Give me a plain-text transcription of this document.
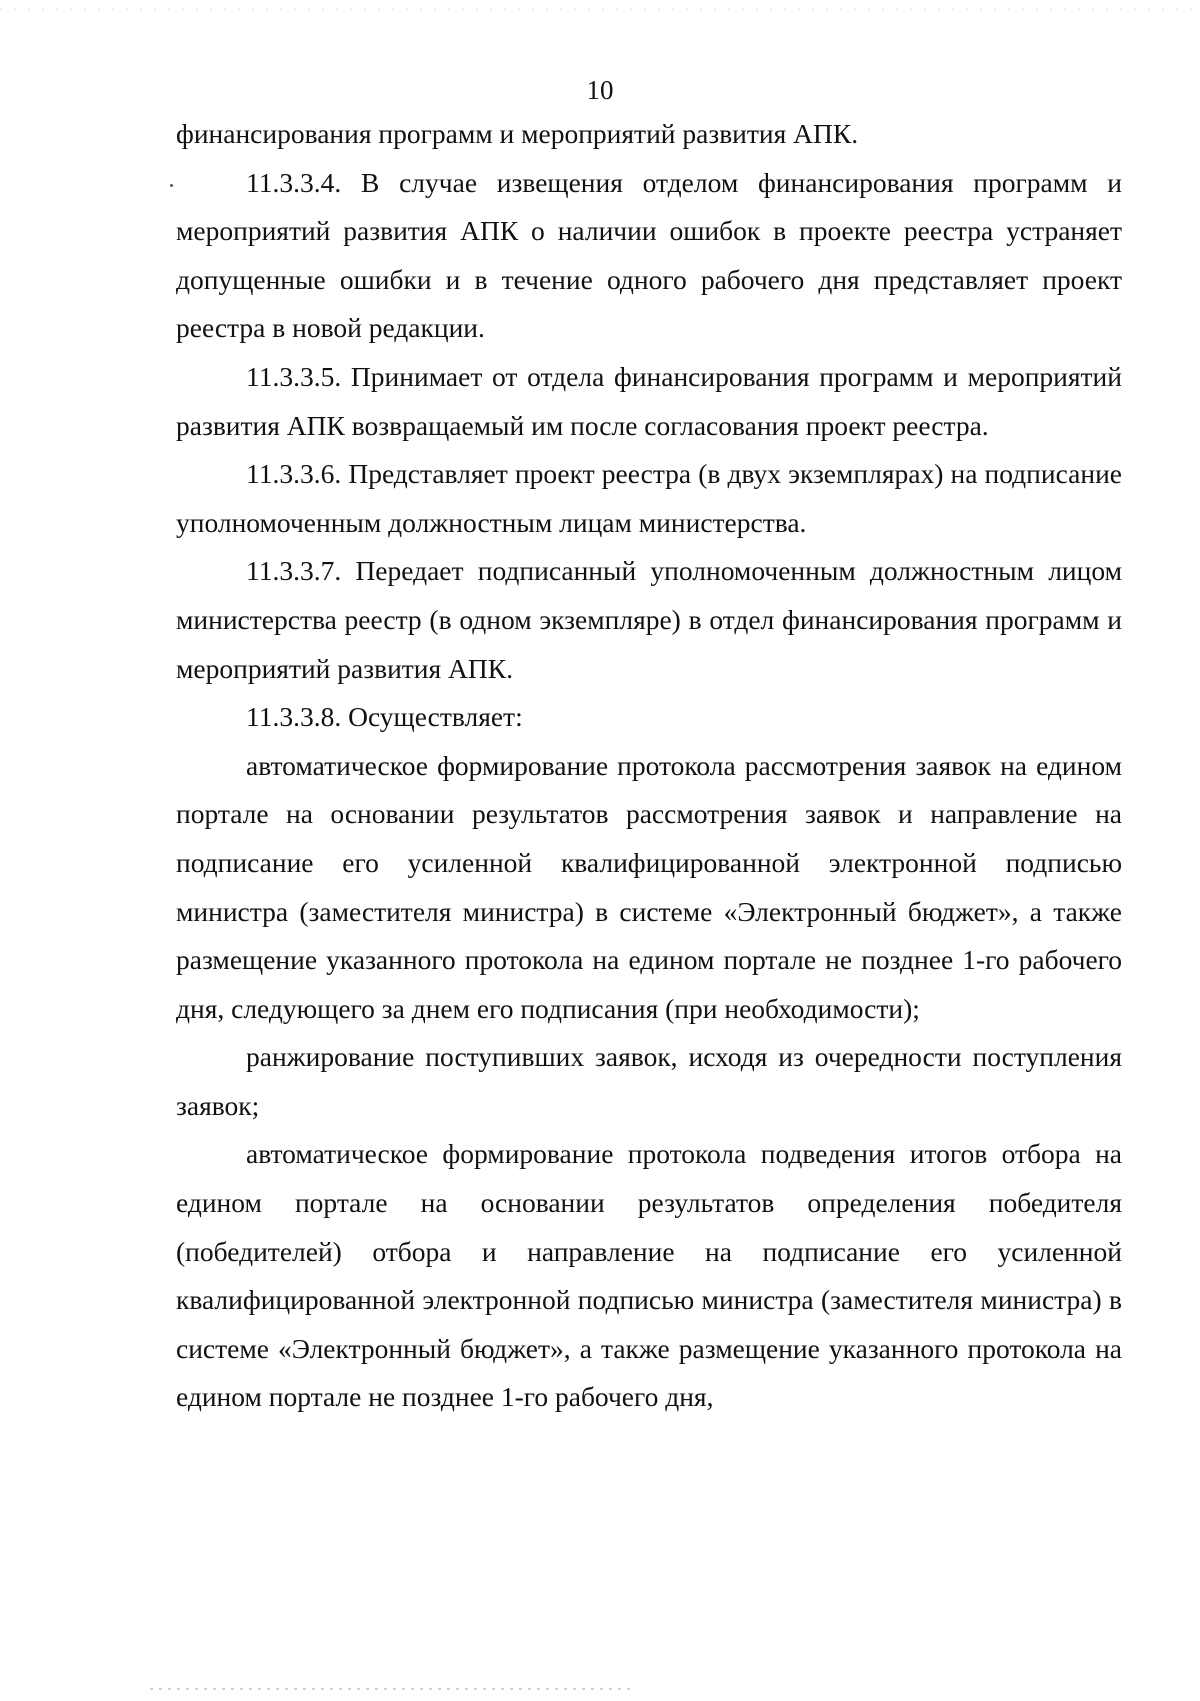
10

финансирования программ и мероприятий развития АПК.

11.3.3.4. В случае извещения отделом финансирования программ и мероприятий развития АПК о наличии ошибок в проекте реестра устраняет допущенные ошибки и в течение одного рабочего дня представляет проект реестра в новой редакции.

11.3.3.5. Принимает от отдела финансирования программ и мероприятий развития АПК возвращаемый им после согласования проект реестра.

11.3.3.6. Представляет проект реестра (в двух экземплярах) на подписание уполномоченным должностным лицам министерства.

11.3.3.7. Передает подписанный уполномоченным должностным лицом министерства реестр (в одном экземпляре) в отдел финансирования программ и мероприятий развития АПК.

11.3.3.8. Осуществляет:

автоматическое формирование протокола рассмотрения заявок на едином портале на основании результатов рассмотрения заявок и направление на подписание его усиленной квалифицированной электронной подписью министра (заместителя министра) в системе «Электронный бюджет», а также размещение указанного протокола на едином портале не позднее 1-го рабочего дня, следующего за днем его подписания (при необходимости);

ранжирование поступивших заявок, исходя из очередности поступления заявок;

автоматическое формирование протокола подведения итогов отбора на едином портале на основании результатов определения победителя (победителей) отбора и направление на подписание его усиленной квалифицированной электронной подписью министра (заместителя министра) в системе «Электронный бюджет», а также размещение указанного протокола на едином портале не позднее 1-го рабочего дня,
